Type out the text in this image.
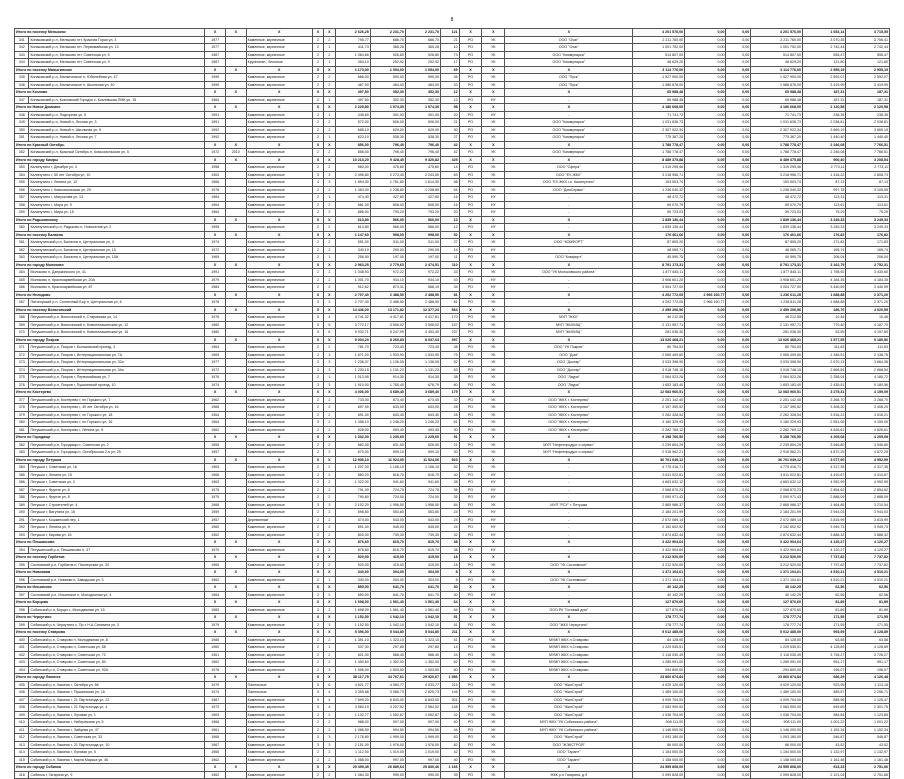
8
Итого по поселку Мельково		X	X	X	X	X	2 626,25	2 231,70	2 231,70	121	X	X	X	4 201 576,00	0,00	0,00	4 201 576,00	1 652,14	3 715,55
341	Конаковский р-н, Мельково пгт, Красная Горка ул, 3	1977		Каменные, кирпичные	2	2	795,77	686,70	686,70	21	РО	УК	ООО "Очаг"	2 211 760,00	0,00	0,00	2 211 760,00	3 070,35	3 706,41
342	Конаковский р-н, Мельково пгт, Первомайская ул, 13	1977		Каменные, кирпичные	2	1	411,73	365,28	365,28	10	РО	УК	ООО "Очаг"	1 001 752,00	0,00	0,00	1 001 752,00	2 742,44	2 742,44
343	Конаковский р-н, Мельково пгт, Советская ул, 5	1987		Каменные, кирпичные	2	2	1 064,65	926,80	926,80	73	РО	УК	ООО "Коммунарка"	514 807,00	0,00	0,00	514 807,00	555,47	555,47
344	Конаковский р-н, Мельково пгт, Советская ул, 9	1987		Крупнопан., блочные	2	1	354,10	252,92	252,92	17	РО	УК	ООО "Коммунарка"	48 629,20	0,00	0,00	48 629,20	121,80	121,80
Итого по поселку Малыгинское		X	X	X	X	X	1 173,00	1 054,00	1 054,00	69	X	X	X	3 114 776,00	0,00	0,00	3 114 776,00	2 955,19	2 955,19
345	Конаковский р-н, Малыгинское п, Юбилейная ул, 47	1990		Каменные, кирпичные	2	2	686,00	590,00	590,00	36	РО	УК	ООО "Пуск"	1 527 900,00	0,00	0,00	1 527 900,00	2 592,07	2 592,07
346	Конаковский р-н, Малыгинское п, Школьная ул, 40	1990		Каменные, кирпичные	2	2	487,00	464,00	464,00	33	РО	УК	ООО "Пуск"	1 586 876,00	0,00	0,00	1 586 876,00	3 419,99	3 419,99
Итого по Козлово		X	X	X	X	X	497,50	352,30	352,30	12	X	X	X	65 988,48	0,00	0,00	65 988,48	187,31	187,31
347	Конаковский р-н, Козловский Городок с, Козловская ПМК ул, 15	1984		Каменные, кирпичные	2	1	497,50	352,30	352,30	12	РО	НУ	-	65 988,48	0,00	0,00	65 988,48	187,31	187,31
Итого по Новое Домкино		X	X	X	X	X	2 225,80	1 974,30	1 974,30	98	X	X	X	4 186 668,00	0,00	0,00	4 186 668,00	2 120,58	2 120,58
348	Конаковский р-н, Подгорная ул, 5	1991		Каменные, кирпичные	2	1	345,60	301,00	301,00	20	РО	НУ	-	71 741,73	0,00	0,00	71 741,73	238,35	238,35
349	Конаковский р-н, Новый п, Лесная ул, 3	1991		Каменные, кирпичные	2	2	572,00	506,00	506,00	21	РО	УК	ООО "Коммунарка"	1 031 636,73	0,00	0,00	1 031 636,73	2 038,81	2 038,81
350	Конаковский р-н, Новый п, Школьная ул, 5	1992		Каменные, кирпичные	2	2	685,10	629,00	629,00	30	РО	УК	ООО "Коммунарка"	2 307 922,34	0,00	0,00	2 307 922,34	3 669,19	3 669,19
351	Конаковский р-н, Новый п, Лесная ул, 7	1992		Каменные, кирпичные	2	1	623,10	538,30	538,30	27	РО	УК	ООО "Коммунарка"	775 367,20	0,00	0,00	775 367,20	1 440,40	1 440,40
Итого по Красный Октябрь		X	X	X	X	X	856,00	796,40	796,40	42	X	X	X	1 788 778,47	0,00	0,00	1 788 778,47	2 246,08	7 766,51
352	Конаковский р-н, Красный Октябрь п, Комсомольская ул, 5	1972	2010	Каменные, кирпичные	2	2	856,00	796,40	796,40	42	РО	УК	ООО "Коммунарка"	1 788 778,47	0,00	0,00	1 788 778,47	2 246,08	7 766,51
Итого по городу Кимры		X	X	X	X	X	10 213,20	9 428,40	9 320,82	425	X	X	X	8 489 375,88	0,00	0,00	8 489 375,88	900,40	3 208,54
353	Калинутино г, Декабря ул, 4	1958		Каменные, кирпичные	2	2	560,00	475,80	475,80	14	РО	УК	ООО "Сфера"	1 319 295,46	0,00	0,00	1 319 295,46	2 773,11	2 773,11
354	Калинутино г, 50 лет Октября ул, 10	1963		Каменные, кирпичные	3	3	2 496,80	2 273,40	2 243,50	69	РО	УК	ООО "ЕУ-ЖКХ"	3 218 956,71	0,00	0,00	3 218 956,71	1 416,22	2 808,73
355	Калинутино г, Ленина ул, 12	1966		Каменные, кирпичные	4	3	1 894,30	1 761,80	1 614,30	58	РО	УК	ООО "ЕУ-ЖКХ г.о. Калинутино"	153 503,74	0,00	0,00	153 503,74	87,13	87,13
356	Калинутино г, Комсомольская ул, 25	1978		Каменные, кирпичные	2	2	1 354,00	1 238,80	1 238,80	54	РО	УК	ООО "ДомСервис"	1 236 040,32	0,00	0,00	1 236 040,32	997,78	3 105,55
357	Калинутино г, Матросова ул, 13	1984		Каменные, кирпичные	2	1	474,40	427,80	427,80	16	РО	НУ	-	48 472,72	0,00	0,00	48 472,72	113,31	113,31
358	Калинутино г, Мира ул, 9	1964		Каменные, кирпичные	2	2	681,00	608,00	608,00	16	РО	НУ	-	69 070,79	0,00	0,00	69 070,79	113,61	113,61
359	Калинутино г, Мира ул, 15	1964		Каменные, кирпичные	2	2	886,00	793,20	793,20	20	РО	НУ	-	59 723,03	0,00	0,00	59 723,03	75,29	75,29
Итого по Радьковскому		X	X	X	X	X	613,80	566,00	566,00	12	X	X	X	1 839 136,44	0,00	0,00	1 839 136,44	3 249,33	3 249,33
360	Калинутинский р-н, Радьково п, Новоселов ул, 2	1995		Каменные, кирпичные	2	2	613,80	566,00	566,00	12	РО	НУ	-	1 839 136,44	0,00	0,00	1 839 136,44	3 249,33	3 249,33
Итого по поселку Балахна		X	X	X	X	X	1 147,60	998,00	998,00	52	X	X	X	176 461,66	0,00	0,00	176 461,66	176,82	176,82
361	Калинутинский р-н, Балахна п, Центральная ул, 4	1974		Каменные, кирпичные	2	2	551,00	511,00	511,00	27	РО	УК	ООО "КОМФОРТ"	87 805,20	0,00	0,00	87 805,20	171,83	171,83
362	Калинутинский р-н, Балахна п, Центральная ул, 15	1972		Каменные, кирпичные	2	2	340,10	290,00	290,00	14	РО	НУ	-	48 065,71	0,00	0,00	48 065,71	165,74	165,74
363	Калинутинский р-н, Балахна п, Центральная ул, 15А	1969		Каменные, кирпичные	2	1	256,50	197,00	197,00	11	РО	УК	ООО "Комфорт"	40 590,75	0,00	0,00	40 590,75	206,04	206,04
Итого по городу Молоково		X	X	X	X	X	2 963,25	2 779,63	2 474,51	110	X	X	X	8 791 173,31	0,00	0,00	8 791 173,31	3 162,79	3 752,31
364	Молоково п, Дзержинского ул, 41	1991		Каменные, кирпичные	2	2	1 048,93	972,22	972,22	33	РО	УК	ООО "УК Молоковского района"	1 877 845,11	0,00	0,00	1 877 845,11	1 798,92	3 430,60
365	Молоково п, Красноармейская ул, 20А	1979		Каменные, кирпичные	2	2	1 001,70	934,10	934,10	43	РО	НУ	-	3 908 601,20	0,00	0,00	3 908 601,20	4 184,35	4 184,35
366	Молоково п, Красноармейская ул, 87	1984		Каменные, кирпичные	2	2	912,62	873,31	568,19	34	РО	НУ	-	3 004 727,00	0,00	0,00	3 004 727,00	3 440,59	3 440,59
Итого по Нелидово		X	X	X	X	X	2 707,40	2 488,50	2 488,50	81	X	X	X	4 202 772,05	2 966 160,77	0,00	1 236 611,28	1 688,88	2 371,20
367	Пятигорский р-н, Солнечный Бор п, Центральная ул, 6	1978		Каменные, кирпичные	3	3	2 707,40	2 488,50	2 488,50	81	РО	УК	-	4 202 772,05	2 966 160,77	0,00	1 236 611,28	1 688,88	2 371,20
Итого по поселку Вольгинский		X	X	X	X	X	14 446,20	13 171,82	12 377,23	564	X	X	X	2 459 206,56	0,00	0,00	2 459 206,56	186,70	4 020,55
368	Петушинский р-н, Вольгинский п, Старовская ул, 14	1976		Каменные, кирпичные	5	4	4 741,32	4 417,81	4 417,81	170	РО	УК	МУП "ЖКХ"	46 212,55	0,00	0,00	46 212,55	10,46	10,46
369	Петушинский р-н, Вольгинский п, Новоненашинская ул, 12	1980		Каменные, кирпичные	5	5	3 772,17	3 506,02	3 506,02	157	РО	УК	МУП "ЖИЛИЩ"	2 131 957,71	0,00	0,00	2 131 957,71	770,40	4 187,70
370	Петушинский р-н, Вольгинский п, Новоненашинская ул, 16	1980		Каменные, кирпичные	5	6	5 932,71	5 247,99	4 453,40	237	РО	УК	МУП "ЖИЛИЩ"	281 036,30	0,00	0,00	281 036,30	53,55	4 197,80
Итого по городу Покров		X	X	X	X	X	9 004,23	8 260,83	8 037,64	397	X	X	X	13 026 468,21	0,00	0,00	13 026 468,21	1 577,55	5 180,56
371	Петушинский р-н, Покров г, Быльковский проезд, 3	1964		Каменные, кирпичные	2	2	781,70	723,40	723,40	38	РО	УК	ООО "УК Покров"	80 754,53	0,00	0,00	80 754,53	111,63	111,63
372	Петушинский р-н, Покров г, Интернациональная ул, 7А	1969		Каменные, кирпичные	2	3	1 671,20	1 533,90	1 533,90	79	РО	УК	ООО "Дом"	2 065 409,60	0,00	0,00	2 065 409,60	1 346,51	2 138,75
373	Петушинский р-н, Покров г, Интернациональная ул, 32а	1977		Каменные, кирпичные	3	3	1 236,07	1 136,05	1 136,05	52	РО	УК	ООО "Достар"	3 033 398,90	0,00	0,00	3 033 398,90	2 670,13	3 664,36
374	Петушинский р-н, Покров г, Интернациональная ул, 34а	1972		Каменные, кирпичные	3	3	1 230,15	1 131,23	1 131,23	63	РО	УК	ООО "Достар"	3 018 748,15	0,00	0,00	3 018 748,15	2 668,54	2 668,54
375	Петушинский р-н, Покров г, Первомайская ул, 7	1976		Каменные, кирпичные	2	1	1 013,95	914,30	914,30	38	РО	УК	ООО "Лаура"	2 064 523,26	0,00	0,00	2 064 523,26	2 258,04	4 180,72
376	Петушинский р-н, Покров г, Пушкинский проезд, 10	1974		Каменные, кирпичные	3	3	1 910,00	1 760,40	678,79	60	РО	УК	ООО "Лаура"	1 653 183,40	0,00	0,00	1 653 183,40	2 435,51	5 180,56
Итого по Костерево		X	X	X	X	X	4 006,00	3 689,40	3 689,40	179	X	X	X	12 083 960,51	0,00	0,00	12 083 960,51	3 275,31	4 159,09
377	Петушинский р-н, Костерево г, пл Горького ул, 7	1962		Каменные, кирпичные	2	2	733,00	673,40	673,40	32	РО	УК	ООО "ЖКХ г. Костерево"	2 201 142,40	0,00	0,00	2 201 142,40	3 268,70	3 268,70
378	Петушинский р-н, Костерево г, 40 лет Октября ул, 16	1968		Каменные, кирпичные	2	2	697,90	633,00	633,00	28	РО	УК	ООО "ЖКХ г. Костерево"	2 157 390,52	0,00	0,00	2 157 390,52	3 408,20	3 408,20
379	Петушинский р-н, Костерево г, пл Горького ул, 18	1964		Каменные, кирпичные	2	2	691,00	643,40	643,40	28	РО	УК	ООО "ЖКХ г. Костерево"	2 262 328,54	0,00	0,00	2 262 328,54	3 516,21	3 516,21
380	Петушинский р-н, Костерево г, пл Горького ул, 16	1964		Каменные, кирпичные	3	2	1 356,10	1 246,20	1 246,20	61	РО	УК	ООО "ЖКХ г. Костерево"	3 180 329,93	0,00	0,00	3 180 329,93	2 551,06	4 159,09
381	Петушинский р-н, Костерево г, Ленина ул, 6	1962		Каменные, кирпичные	2	2	528,00	493,40	493,40	30	РО	УК	ООО "ЖКХ г. Костерево"	2 282 769,12	0,00	0,00	2 282 769,12	4 626,61	4 626,61
Итого по Городище		X	X	X	X	X	1 332,00	1 230,60	1 225,60	51	X	X	X	5 158 766,50	0,00	0,00	5 158 766,50	4 205,08	4 205,08
382	Петушинский р-н, Городищи п, Советская ул, 2	1955		Каменные, кирпичные	2	2	662,00	631,50	626,50	21	РО	УК	МУП "Нефтепродукт и сервис"	2 239 804,29	0,00	0,00	2 239 804,29	3 546,80	3 546,80
383	Петушинский р-н, Городищи п, Октябрьская 2-я ул, 25	1957		Каменные, кирпичные	2	2	670,00	599,10	599,10	30	РО	УК	МУП "Нефтепродукт и сервис"	2 918 962,21	0,00	0,00	2 918 962,21	4 872,25	4 872,25
Итого по городу Петушки		X	X	X	X	X	12 936,10	11 924,00	11 524,06	523	X	X	X	36 701 049,12	0,00	0,00	36 701 049,12	3 077,90	4 952,99
384	Петушки г, Советская ул, 16	1963		Каменные, кирпичные	2	2	1 207,30	1 106,10	1 106,10	52	РО	УК	-	4 775 416,71	0,00	0,00	4 775 416,71	4 317,35	4 317,35
385	Петушки г, Ленина ул, 15	1966		Каменные, кирпичные	2	2	880,20	818,70	818,70	40	РО	НУ	-	3 611 022,81	0,00	0,00	3 611 022,81	4 410,67	4 410,67
386	Петушки г, Советская ул, 2	1963		Каменные, кирпичные	2	2	1 022,00	941,60	941,60	38	РО	НУ	-	4 663 632,12	0,00	0,00	4 663 632,12	4 952,99	4 952,99
387	Петушки г, Фрунзе ул, 6	1975		Каменные, кирпичные	2	2	791,00	724,75	724,75	36	РО	НУ	-	2 068 870,23	0,00	0,00	2 068 870,23	2 854,62	2 854,62
388	Петушки г, Фрунзе ул, 8	1975		Каменные, кирпичные	2	2	790,80	724,00	724,00	35	РО	НУ	-	2 090 971,43	0,00	0,00	2 090 971,43	2 888,09	2 888,09
389	Петушки г, Строителей ул, 4	1968		Каменные, кирпичные	3	3	2 102,20	1 956,50	1 956,50	84	РО	УК	МУП "РСУ" г. Петушки	2 865 986,37	0,00	0,00	2 865 986,37	1 464,85	3 210,54
390	Петушки г, Ватутина ул, 16	1959		Каменные, кирпичные	2	2	596,80	553,80	553,80	24	РО	НУ	-	2 184 201,99	0,00	0,00	2 184 201,99	3 944,03	3 944,03
391	Петушки г, Кошкинский пер, 1	1957		Деревянные	2	2	574,00	543,00	543,00	24	РО	НУ	-	2 072 089,14	0,00	0,00	2 072 089,14	3 815,99	3 815,99
392	Петушки г, Ленина ул, 9	1960		Каменные, кирпичные	2	2	591,00	545,00	545,00	24	РО	НУ	-	2 152 602,92	0,00	0,00	2 152 602,92	3 949,73	3 949,73
393	Петушки г, Кирова ул, 16	1962		Каменные, кирпичные	2	2	800,00	739,30	739,30	32	РО	НУ	-	2 874 632,44	0,00	0,00	2 874 632,44	3 888,32	3 888,32
Итого по Пекшиксово		X	X	X	X	X	876,60	815,70	815,70	38	X	X	X	3 422 904,64	0,00	0,00	3 422 904,64	4 120,27	4 120,27
394	Петушинский р-н, Пекшиксово п, 37	1970		Каменные, кирпичные	2	2	876,60	815,70	815,70	38	РО	НУ	-	3 422 904,64	0,00	0,00	3 422 904,64	4 120,27	4 120,27
Итого по поселку Горбатов		X	X	X	X	X	520,00	415,00	415,00	18	X	X	X	3 212 520,00	0,00	0,00	3 212 520,00	7 737,82	7 737,82
395	Сосновский р-н, Горбатов п, Пионерская ул, 20	1965		Каменные, кирпичные	2	2	520,00	415,00	415,00	18	РО	УК	ООО "УК Сосновское"	3 212 520,00	0,00	0,00	3 212 520,00	7 737,82	7 737,82
Итого по Новинкам		X	X	X	X	X	340,00	304,00	304,00	8	X	X	X	1 371 104,61	0,00	0,00	1 371 104,61	4 510,21	4 510,21
396	Сосновский р-н, Новинки п, Заводская ул, 3	1962		Каменные, кирпичные	2	1	340,00	304,00	304,00	8	РО	УК	ООО "УК Сосновское"	1 371 104,61	0,00	0,00	1 371 104,61	4 510,21	4 510,21
Итого по Ильинское		X	X	X	X	X	850,00	641,70	641,70	30	X	X	X	40 142,25	0,00	0,00	40 142,25	62,56	62,56
397	Сосновский р-н, Ильинское п, Молодежная ул, 4	1984		Каменные, кирпичные	2	2	850,00	641,70	641,70	30	РО	НУ	-	40 142,25	0,00	0,00	40 142,25	62,56	62,56
Итого по Борцово		X	X	X	X	X	1 698,00	1 561,40	1 561,40	64	X	X	X	127 870,60	0,00	0,00	127 870,60	81,89	81,89
398	Собинский р-н, Борцы с, Молодежная ул, 15	1983		Каменные, кирпичные	3	3	1 698,00	1 561,40	1 561,40	64	РО	УК	ООО РК "Готовый дом"	127 870,60	0,00	0,00	127 870,60	81,89	81,89
Итого по Черкутино		X	X	X	X	X	1 152,50	1 042,10	1 042,10	51	X	X	X	178 777,74	0,00	0,00	178 777,74	171,55	171,55
399	Собинский р-н, Черкутино с, Пр-т Н.А.Сипягина ул, 3	1979		Каменные, кирпичные	2	3	1 152,50	1 042,10	1 042,10	51	РО	УК	ООО "ЖКХ Черкутино"	178 777,74	0,00	0,00	178 777,74	171,55	171,55
Итого по поселку Ставрово		X	X	X	X	X	5 396,00	5 044,80	5 044,80	211	X	X	X	5 012 485,00	0,00	0,00	5 012 485,00	993,59	4 128,89
400	Собинский р-н, Ставрово п, Молодежная ул, 8	1985		Каменные, кирпичные	2	2	1 391,10	1 323,10	1 323,10	51	РО	УК	МУМП ЖКХ п.Ставрово	84 128,00	0,00	0,00	84 128,00	63,58	63,58
401	Собинский р-н, Ставрово п, Советская ул, 68	1960		Каменные, кирпичные	2	1	337,30	297,80	297,80	14	РО	УК	МУМП ЖКХ п.Ставрово	1 229 535,51	0,00	0,00	1 229 535,51	4 128,89	4 128,89
402	Собинский р-н, Ставрово п, Советская ул, 72	1961		Каменные, кирпичные	2	2	621,00	568,40	568,40	24	РО	УК	МУМП ЖКХ п.Ставрово	2 118 030,49	0,00	0,00	2 118 030,49	3 726,27	3 726,27
403	Собинский р-н, Ставрово п, Советская ул, 80	1962		Каменные, кирпичные	2	2	1 450,60	1 352,00	1 352,00	62	РО	УК	МУМП ЖКХ п.Ставрово	1 285 991,00	0,00	0,00	1 285 991,00	951,17	951,17
404	Собинский р-н, Ставрово п, Советская ул, 92А	1978		Каменные, кирпичные	2	3	1 596,00	1 503,50	1 503,50	60	РО	УК	МУМП ЖКХ п.Ставрово	294 800,00	0,00	0,00	294 800,00	196,07	196,07
Итого по городу Лакинск		X	X	X	X	X	38 117,75	34 767,61	29 920,67	1 586	X	X	X	23 860 874,84	0,00	0,00	23 860 874,84	686,29	4 126,48
405	Собинский р-н, Лакинск г, Октября ул, 66	1970		Панельные	5	6	4 621,77	4 360,77	4 033,77	215	РО	УК	ООО "ЖилСтрой"	4 029 120,00	0,00	0,00	4 029 120,00	923,95	1 113,18
406	Собинский р-н, Лакинск г, Пушкинская ул, 16	1974		Панельные	5	4	3 355,68	3 066,73	2 825,73	146	РО	УК	ООО "ЖилСтрой"	1 489 100,00	0,00	0,00	1 489 100,00	485,57	2 256,71
407	Собинский р-н, Лакинск г, 21 Партсъезда ул, 22	1987		Каменные, кирпичные	5	4	7 699,20	6 843,00	6 843,00	301	РО	УК	ООО "ЖилСтрой"	4 009 704,00	0,00	0,00	4 009 704,00	585,96	1 125,47
408	Собинский р-н, Лакинск г, 21 Партсъезда ул, 4	1972		Каменные, кирпичные	5	4	3 560,19	3 207,52	2 984,52	148	РО	УК	ООО "ЖилСтрой"	2 083 900,00	0,00	0,00	2 083 900,00	649,69	2 301,75
409	Собинский р-н, Лакинск г, Луговая ул, 1	1963		Каменные, кирпичные	2	2	1 132,77	1 052,67	1 052,67	42	РО	УК	ООО "ЖилСтрой"	1 036 704,00	0,00	0,00	1 036 704,00	984,84	1 123,85
410	Собинский р-н, Лакинск г, Набережная ул, 5	1966		Каменные, кирпичные	2	2	988,00	907,00	907,00	40	РО	УК	МУП ЖКХ "УК Собинского района"	908 111,00	0,00	0,00	908 111,00	1 001,22	1 001,22
411	Собинский р-н, Лакинск г, Зайцева ул, 47	1961		Каменные, кирпичные	2	2	1 086,50	994,50	994,50	44	РО	УК	МУП ЖКХ "УК Собинского района"	1 146 000,00	0,00	0,00	1 146 000,00	1 152,34	1 152,34
412	Собинский р-н, Лакинск г, Советская ул, 33	1968		Каменные, кирпичные	3	3	2 178,80	1 999,00	1 999,00	83	РО	УК	ООО "ЖилСтрой"	1 093 180,00	0,00	0,00	1 093 180,00	546,87	546,87
413	Собинский р-н, Лакинск г, 21 Партсъезда ул, 10	1967		Каменные, кирпичные	3	3	2 151,00	1 976,00	1 976,00	82	РО	УК	ООО "ЖЭКСТРОЙ"	86 000,00	0,00	0,00	86 000,00	43,52	43,52
414	Собинский р-н, Лакинск г, Луговая ул, 5	1966		Каменные, кирпичные	2	2	1 112,00	1 019,00	1 019,00	42	РО	УК	ООО "Гарант"	1 154 500,00	0,00	0,00	1 154 500,00	1 132,97	1 132,97
415	Собинский р-н, Лакинск г, Карла Маркса ул, 46	1962		Каменные, кирпичные	2	2	1 088,00	997,00	997,00	40	РО	УК	ООО "Гарант"	1 158 000,00	0,00	0,00	1 158 000,00	1 161,48	1 161,48
Итого по городу Собинка		X	X	X	X	X	29 499,45	26 889,64	25 830,46	1 166	X	X	X	24 555 808,00	0,00	0,00	24 555 808,00	913,23	2 751,66
416	Собинка г, Гагарина ул, 9	1962		Каменные, кирпичные	2	2	1 084,30	990,00	990,00	39	РО	УК	ЖКК р-н Гагарина, д.9	2 099 828,00	0,00	0,00	2 099 828,00	2 121,04	2 751,66
